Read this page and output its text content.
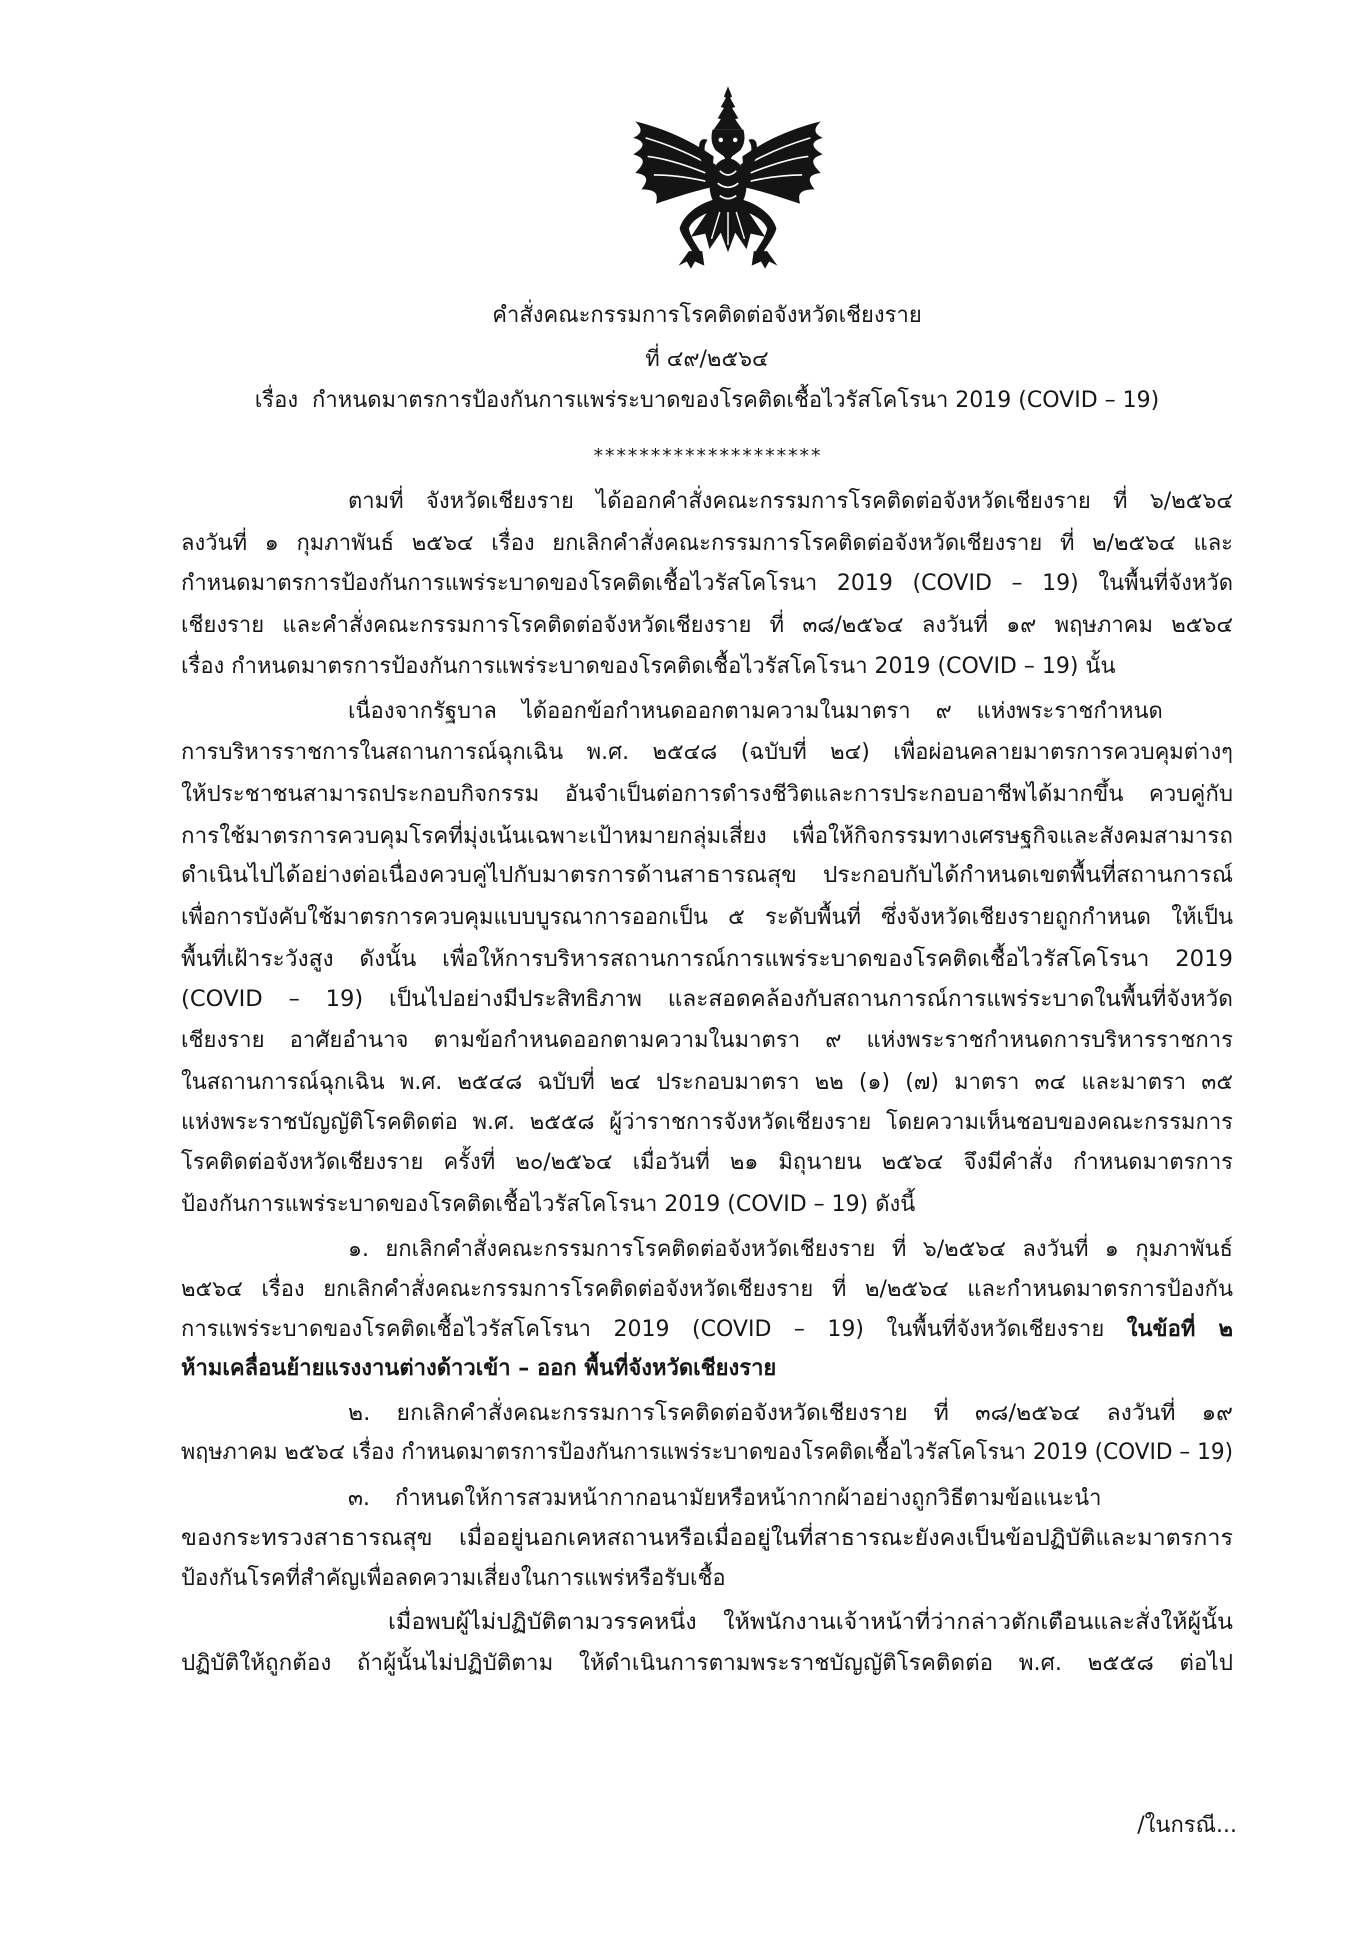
คำสั่งคณะกรรมการโรคติดต่อจังหวัดเชียงราย
ที่ ๔๙/๒๕๖๔
เรื่อง  กำหนดมาตรการป้องกันการแพร่ระบาดของโรคติดเชื้อไวรัสโคโรนา 2019 (COVID – 19)
********************
ตามที่ จังหวัดเชียงราย ได้ออกคำสั่งคณะกรรมการโรคติดต่อจังหวัดเชียงราย ที่ ๖/๒๕๖๔
ลงวันที่ ๑ กุมภาพันธ์ ๒๕๖๔ เรื่อง ยกเลิกคำสั่งคณะกรรมการโรคติดต่อจังหวัดเชียงราย ที่ ๒/๒๕๖๔ และ
กำหนดมาตรการป้องกันการแพร่ระบาดของโรคติดเชื้อไวรัสโคโรนา 2019 (COVID – 19) ในพื้นที่จังหวัด
เชียงราย และคำสั่งคณะกรรมการโรคติดต่อจังหวัดเชียงราย ที่ ๓๘/๒๕๖๔ ลงวันที่ ๑๙ พฤษภาคม ๒๕๖๔
เรื่อง กำหนดมาตรการป้องกันการแพร่ระบาดของโรคติดเชื้อไวรัสโคโรนา 2019 (COVID – 19) นั้น
เนื่องจากรัฐบาล ได้ออกข้อกำหนดออกตามความในมาตรา ๙ แห่งพระราชกำหนด
การบริหารราชการในสถานการณ์ฉุกเฉิน พ.ศ. ๒๕๔๘ (ฉบับที่ ๒๔) เพื่อผ่อนคลายมาตรการควบคุมต่างๆ
ให้ประชาชนสามารถประกอบกิจกรรม อันจำเป็นต่อการดำรงชีวิตและการประกอบอาชีพได้มากขึ้น ควบคู่กับ
การใช้มาตรการควบคุมโรคที่มุ่งเน้นเฉพาะเป้าหมายกลุ่มเสี่ยง เพื่อให้กิจกรรมทางเศรษฐกิจและสังคมสามารถ
ดำเนินไปได้อย่างต่อเนื่องควบคู่ไปกับมาตรการด้านสาธารณสุข ประกอบกับได้กำหนดเขตพื้นที่สถานการณ์
เพื่อการบังคับใช้มาตรการควบคุมแบบบูรณาการออกเป็น ๕ ระดับพื้นที่ ซึ่งจังหวัดเชียงรายถูกกำหนด ให้เป็น
พื้นที่เฝ้าระวังสูง ดังนั้น เพื่อให้การบริหารสถานการณ์การแพร่ระบาดของโรคติดเชื้อไวรัสโคโรนา 2019
(COVID – 19) เป็นไปอย่างมีประสิทธิภาพ และสอดคล้องกับสถานการณ์การแพร่ระบาดในพื้นที่จังหวัด
เชียงราย อาศัยอำนาจ ตามข้อกำหนดออกตามความในมาตรา ๙ แห่งพระราชกำหนดการบริหารราชการ
ในสถานการณ์ฉุกเฉิน พ.ศ. ๒๕๔๘ ฉบับที่ ๒๔ ประกอบมาตรา ๒๒ (๑) (๗) มาตรา ๓๔ และมาตรา ๓๕
แห่งพระราชบัญญัติโรคติดต่อ พ.ศ. ๒๕๕๘ ผู้ว่าราชการจังหวัดเชียงราย โดยความเห็นชอบของคณะกรรมการ
โรคติดต่อจังหวัดเชียงราย ครั้งที่ ๒๐/๒๕๖๔ เมื่อวันที่ ๒๑ มิถุนายน ๒๕๖๔ จึงมีคำสั่ง กำหนดมาตรการ
ป้องกันการแพร่ระบาดของโรคติดเชื้อไวรัสโคโรนา 2019 (COVID – 19) ดังนี้
๑. ยกเลิกคำสั่งคณะกรรมการโรคติดต่อจังหวัดเชียงราย ที่ ๖/๒๕๖๔ ลงวันที่ ๑ กุมภาพันธ์
๒๕๖๔ เรื่อง ยกเลิกคำสั่งคณะกรรมการโรคติดต่อจังหวัดเชียงราย ที่ ๒/๒๕๖๔ และกำหนดมาตรการป้องกัน
การแพร่ระบาดของโรคติดเชื้อไวรัสโคโรนา 2019 (COVID – 19) ในพื้นที่จังหวัดเชียงราย ในข้อที่ ๒
ห้ามเคลื่อนย้ายแรงงานต่างด้าวเข้า – ออก พื้นที่จังหวัดเชียงราย
๒. ยกเลิกคำสั่งคณะกรรมการโรคติดต่อจังหวัดเชียงราย ที่ ๓๘/๒๕๖๔ ลงวันที่ ๑๙
พฤษภาคม ๒๕๖๔ เรื่อง กำหนดมาตรการป้องกันการแพร่ระบาดของโรคติดเชื้อไวรัสโคโรนา 2019 (COVID – 19)
๓. กำหนดให้การสวมหน้ากากอนามัยหรือหน้ากากผ้าอย่างถูกวิธีตามข้อแนะนำ
ของกระทรวงสาธารณสุข เมื่ออยู่นอกเคหสถานหรือเมื่ออยู่ในที่สาธารณะยังคงเป็นข้อปฏิบัติและมาตรการ
ป้องกันโรคที่สำคัญเพื่อลดความเสี่ยงในการแพร่หรือรับเชื้อ
เมื่อพบผู้ไม่ปฏิบัติตามวรรคหนึ่ง ให้พนักงานเจ้าหน้าที่ว่ากล่าวตักเตือนและสั่งให้ผู้นั้น
ปฏิบัติให้ถูกต้อง ถ้าผู้นั้นไม่ปฏิบัติตาม ให้ดำเนินการตามพระราชบัญญัติโรคติดต่อ พ.ศ. ๒๕๕๘ ต่อไป
/ในกรณี...
